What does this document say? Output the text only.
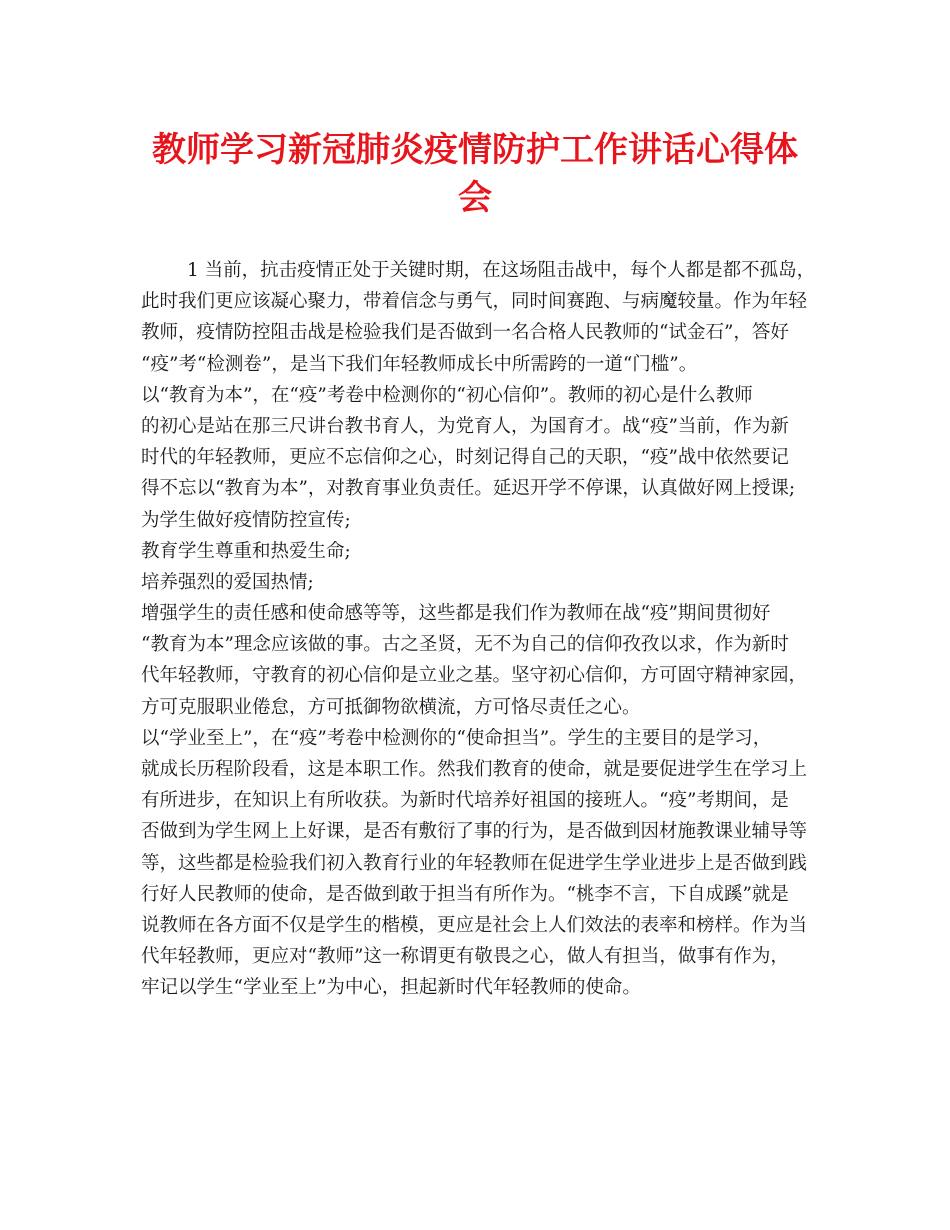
教师学习新冠肺炎疫情防护工作讲话心得体
会
1 当前，抗击疫情正处于关键时期，在这场阻击战中，每个人都是都不孤岛，
此时我们更应该凝心聚力，带着信念与勇气，同时间赛跑、与病魔较量。作为年轻
教师，疫情防控阻击战是检验我们是否做到一名合格人民教师的“试金石”，答好
“疫”考“检测卷”，是当下我们年轻教师成长中所需跨的一道“门槛”。
以“教育为本”，在“疫”考卷中检测你的“初心信仰”。教师的初心是什么教师
的初心是站在那三尺讲台教书育人，为党育人，为国育才。战“疫”当前，作为新
时代的年轻教师，更应不忘信仰之心，时刻记得自己的天职，“疫”战中依然要记
得不忘以“教育为本”，对教育事业负责任。延迟开学不停课，认真做好网上授课;
为学生做好疫情防控宣传;
教育学生尊重和热爱生命;
培养强烈的爱国热情;
增强学生的责任感和使命感等等，这些都是我们作为教师在战“疫”期间贯彻好
“教育为本”理念应该做的事。古之圣贤，无不为自己的信仰孜孜以求，作为新时
代年轻教师，守教育的初心信仰是立业之基。坚守初心信仰，方可固守精神家园，
方可克服职业倦怠，方可抵御物欲横流，方可恪尽责任之心。
以“学业至上”，在“疫”考卷中检测你的“使命担当”。学生的主要目的是学习，
就成长历程阶段看，这是本职工作。然我们教育的使命，就是要促进学生在学习上
有所进步，在知识上有所收获。为新时代培养好祖国的接班人。“疫”考期间，是
否做到为学生网上上好课，是否有敷衍了事的行为，是否做到因材施教课业辅导等
等，这些都是检验我们初入教育行业的年轻教师在促进学生学业进步上是否做到践
行好人民教师的使命，是否做到敢于担当有所作为。“桃李不言，下自成蹊”就是
说教师在各方面不仅是学生的楷模，更应是社会上人们效法的表率和榜样。作为当
代年轻教师，更应对“教师”这一称谓更有敬畏之心，做人有担当，做事有作为，
牢记以学生“学业至上”为中心，担起新时代年轻教师的使命。
